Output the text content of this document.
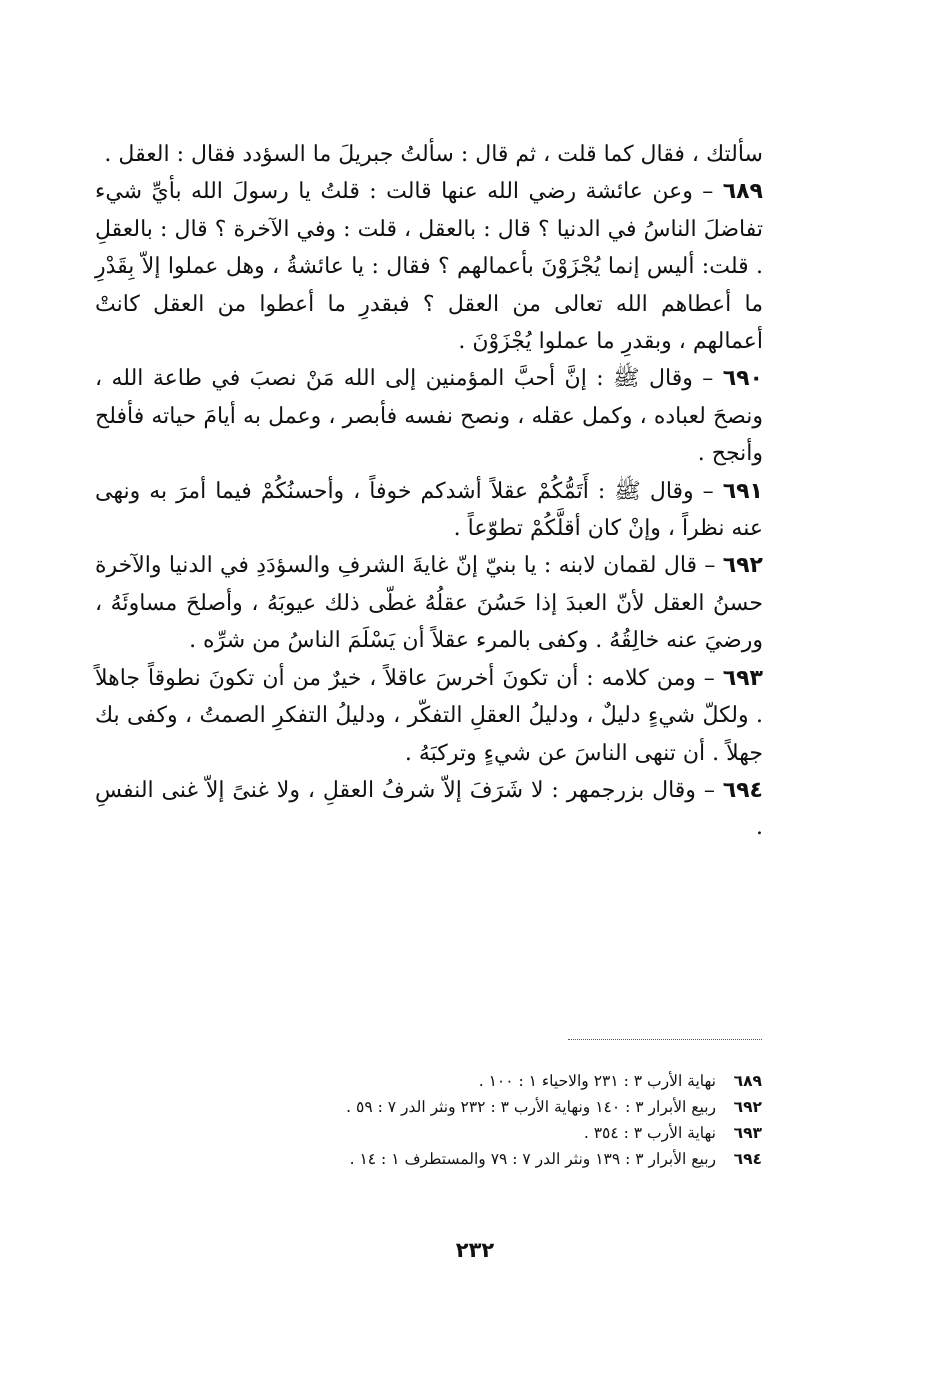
سألتك ، فقال كما قلت ، ثم قال : سألتُ جبريلَ ما السؤدد فقال : العقل .

٦٨٩ – وعن عائشة رضي الله عنها قالت : قلتُ يا رسولَ الله بأيِّ شيء تفاضلَ الناسُ في الدنيا ؟ قال : بالعقل ، قلت : وفي الآخرة ؟ قال : بالعقلِ . قلت: أليس إنما يُجْزَوْنَ بأعمالهم ؟ فقال : يا عائشةُ ، وهل عملوا إلاّ بِقَدْرِ ما أعطاهم الله تعالى من العقل ؟ فبقدرِ ما أعطوا من العقل كانتْ أعمالهم ، وبقدرِ ما عملوا يُجْزَوْنَ .

٦٩٠ – وقال ﷺ : إنَّ أحبَّ المؤمنين إلى الله مَنْ نصبَ في طاعة الله ، ونصحَ لعباده ، وكمل عقله ، ونصح نفسه فأبصر ، وعمل به أيامَ حياته فأفلح وأنجح .

٦٩١ – وقال ﷺ : أَتَمُّكُمْ عقلاً أشدكم خوفاً ، وأحسنُكُمْ فيما أمرَ به ونهى عنه نظراً ، وإنْ كان أقلَّكُمْ تطوّعاً .

٦٩٢ – قال لقمان لابنه : يا بنيّ إنّ غايةَ الشرفِ والسؤدَدِ في الدنيا والآخرة حسنُ العقل لأنّ العبدَ إذا حَسُنَ عقلُهُ غطّى ذلك عيوبَهُ ، وأصلحَ مساوئَهُ ، ورضيَ عنه خالِقُهُ . وكفى بالمرء عقلاً أن يَسْلَمَ الناسُ من شرِّه .

٦٩٣ – ومن كلامه : أن تكونَ أخرسَ عاقلاً ، خيرٌ من أن تكونَ نطوقاً جاهلاً . ولكلّ شيءٍ دليلٌ ، ودليلُ العقلِ التفكّر ، ودليلُ التفكرِ الصمتُ ، وكفى بك جهلاً . أن تنهى الناسَ عن شيءٍ وتركبَهُ .

٦٩٤ – وقال بزرجمهر : لا شَرَفَ إلاّ شرفُ العقلِ ، ولا غنىً إلاّ غنى النفسِ .

٦٨٩نهاية الأرب ٣ : ٢٣١ والاحياء ١ : ١٠٠ .

٦٩٢ربيع الأبرار ٣ : ١٤٠ ونهاية الأرب ٣ : ٢٣٢ ونثر الدر ٧ : ٥٩ .

٦٩٣نهاية الأرب ٣ : ٣٥٤ .

٦٩٤ربيع الأبرار ٣ : ١٣٩ ونثر الدر ٧ : ٧٩ والمستطرف ١ : ١٤ .

٢٣٢
